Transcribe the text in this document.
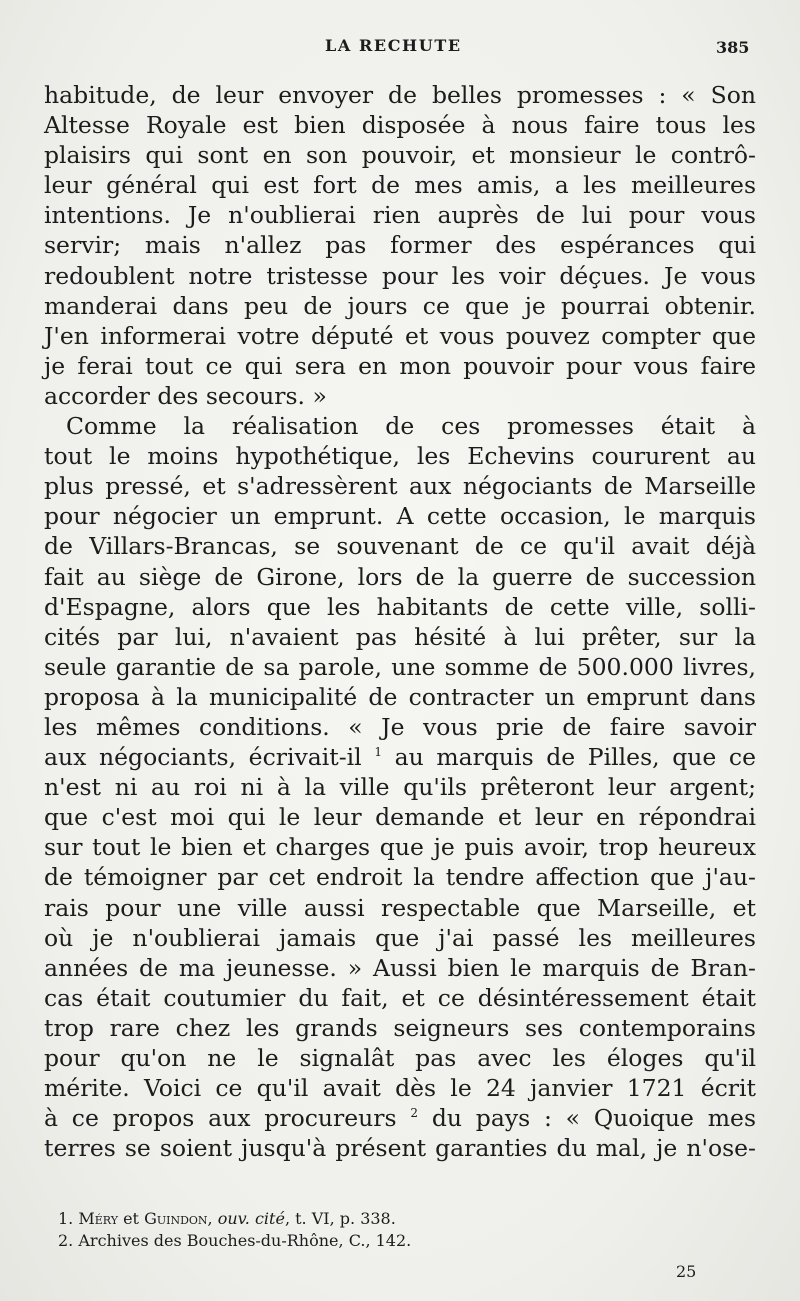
LA RECHUTE	385
habitude, de leur envoyer de belles promesses : « Son
Altesse Royale est bien disposée à nous faire tous les
plaisirs qui sont en son pouvoir, et monsieur le contrô-
leur général qui est fort de mes amis, a les meilleures
intentions. Je n'oublierai rien auprès de lui pour vous
servir; mais n'allez pas former des espérances qui
redoublent notre tristesse pour les voir déçues. Je vous
manderai dans peu de jours ce que je pourrai obtenir.
J'en informerai votre député et vous pouvez compter que
je ferai tout ce qui sera en mon pouvoir pour vous faire
accorder des secours. »
Comme la réalisation de ces promesses était à
tout le moins hypothétique, les Echevins coururent au
plus pressé, et s'adressèrent aux négociants de Marseille
pour négocier un emprunt. A cette occasion, le marquis
de Villars-Brancas, se souvenant de ce qu'il avait déjà
fait au siège de Girone, lors de la guerre de succession
d'Espagne, alors que les habitants de cette ville, solli-
cités par lui, n'avaient pas hésité à lui prêter, sur la
seule garantie de sa parole, une somme de 500.000 livres,
proposa à la municipalité de contracter un emprunt dans
les mêmes conditions. « Je vous prie de faire savoir
aux négociants, écrivait-il $^1$ au marquis de Pilles, que ce
n'est ni au roi ni à la ville qu'ils prêteront leur argent;
que c'est moi qui le leur demande et leur en répondrai
sur tout le bien et charges que je puis avoir, trop heureux
de témoigner par cet endroit la tendre affection que j'au-
rais pour une ville aussi respectable que Marseille, et
où je n'oublierai jamais que j'ai passé les meilleures
années de ma jeunesse. » Aussi bien le marquis de Bran-
cas était coutumier du fait, et ce désintéressement était
trop rare chez les grands seigneurs ses contemporains
pour qu'on ne le signalât pas avec les éloges qu'il
mérite. Voici ce qu'il avait dès le 24 janvier 1721 écrit
à ce propos aux procureurs $^2$ du pays : « Quoique mes
terres se soient jusqu'à présent garanties du mal, je n'ose-
1. Méry et Guindon, ouv. cité, t. VI, p. 338.
2. Archives des Bouches-du-Rhône, C., 142.
25
